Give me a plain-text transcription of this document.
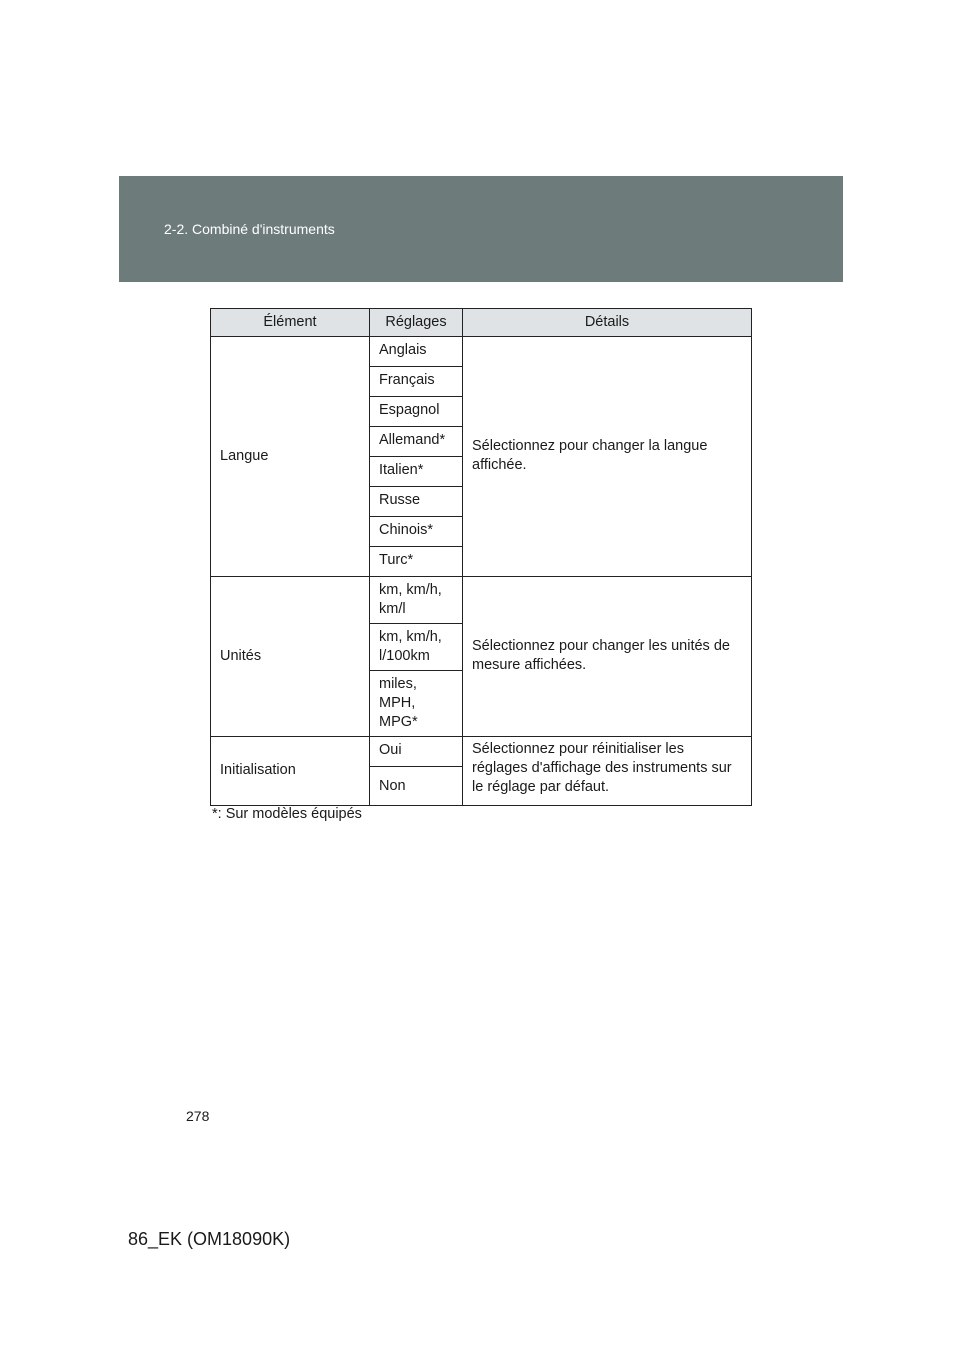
2-2. Combiné d'instruments
Élément	Réglages	Détails
Langue	Anglais	Sélectionnez pour changer la langue affichée.
	Français	
	Espagnol	
	Allemand*	
	Italien*	
	Russe	
	Chinois*	
	Turc*	
Unités	km, km/h, km/l	Sélectionnez pour changer les unités de mesure affichées.
	km, km/h, l/100km	
	miles, MPH, MPG*	
Initialisation	Oui	Sélectionnez pour réinitialiser les réglages d'affichage des instruments sur le réglage par défaut.
	Non	
*: Sur modèles équipés
278
86_EK (OM18090K)
